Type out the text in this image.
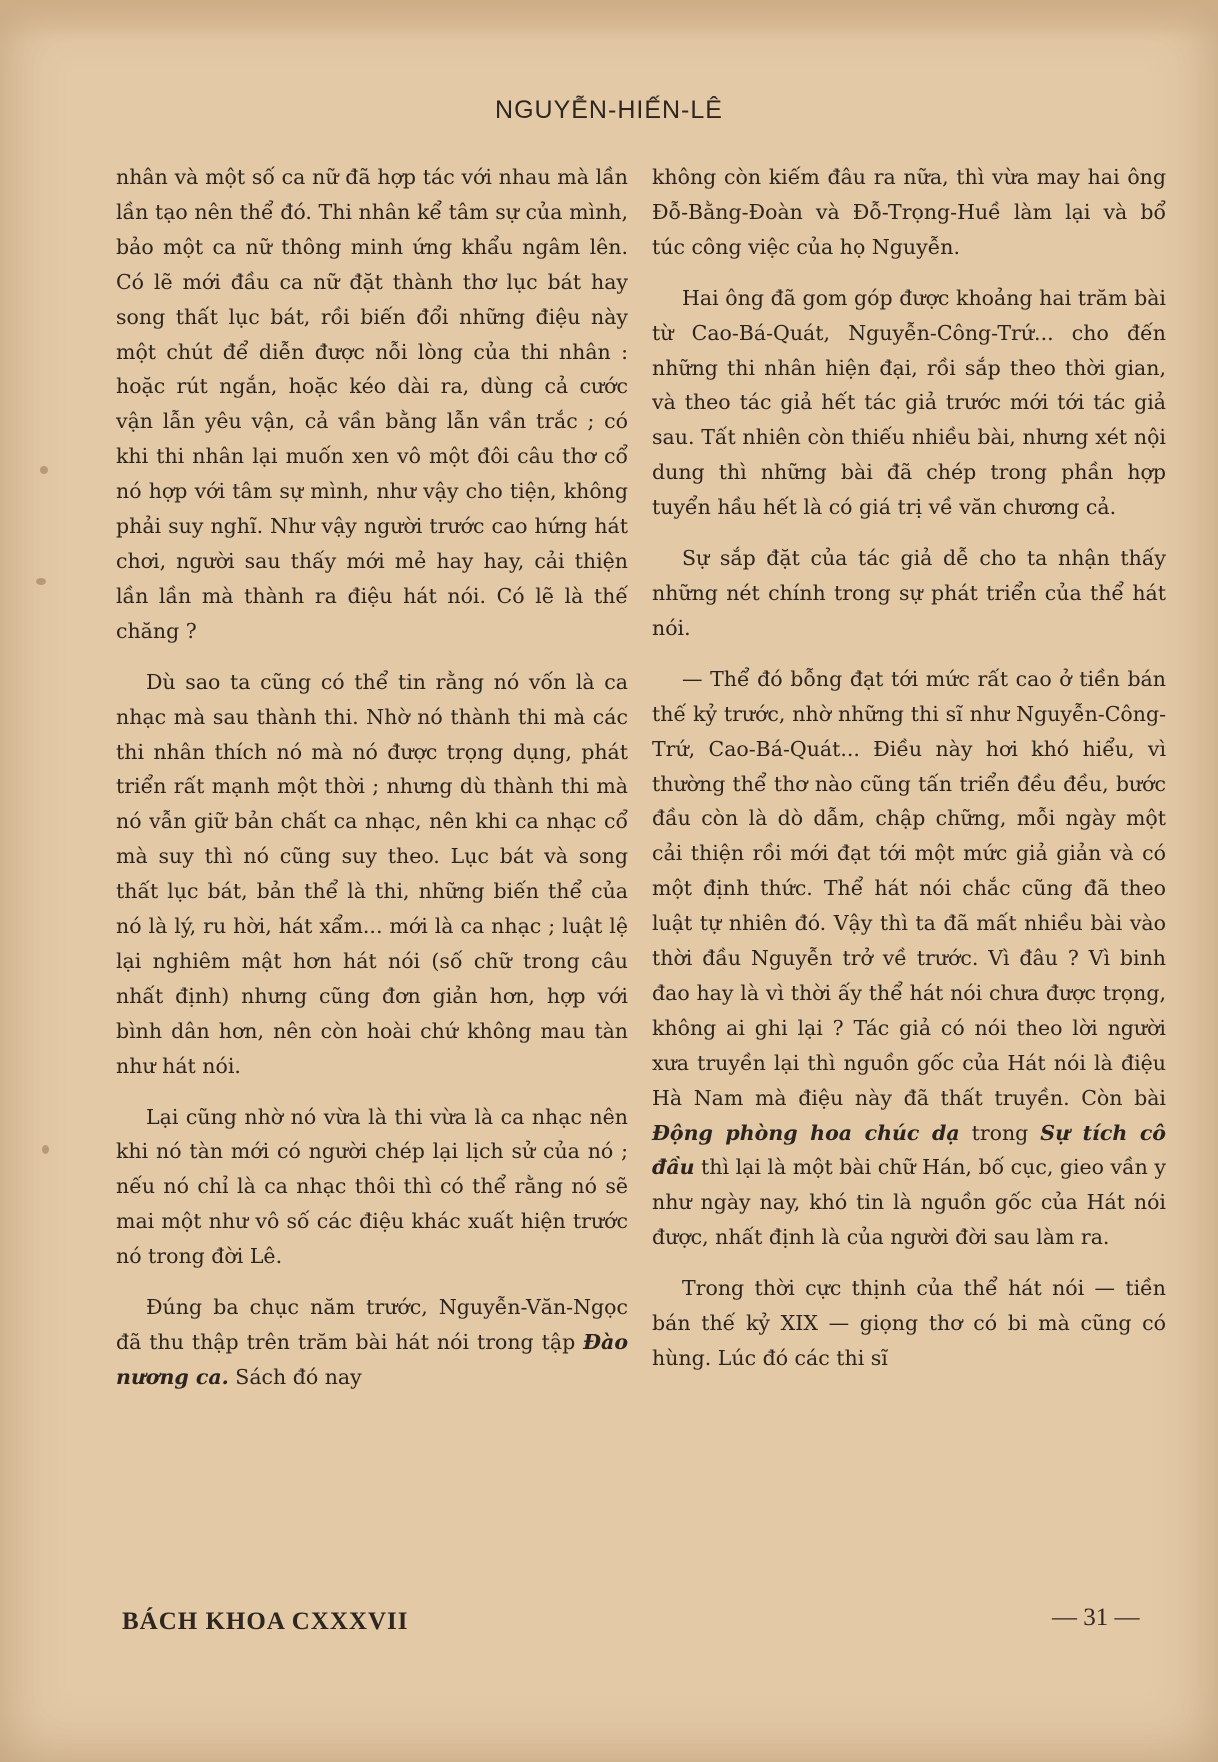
NGUYỄN-HIẾN-LÊ

nhân và một số ca nữ đã hợp tác với nhau mà lần lần tạo nên thể đó. Thi nhân kể tâm sự của mình, bảo một ca nữ thông minh ứng khẩu ngâm lên. Có lẽ mới đầu ca nữ đặt thành thơ lục bát hay song thất lục bát, rồi biến đổi những điệu này một chút để diễn được nỗi lòng của thi nhân : hoặc rút ngắn, hoặc kéo dài ra, dùng cả cước vận lẫn yêu vận, cả vần bằng lẫn vần trắc ; có khi thi nhân lại muốn xen vô một đôi câu thơ cổ nó hợp với tâm sự mình, như vậy cho tiện, không phải suy nghĩ. Như vậy người trước cao hứng hát chơi, người sau thấy mới mẻ hay hay, cải thiện lần lần mà thành ra điệu hát nói. Có lẽ là thế chăng ?

Dù sao ta cũng có thể tin rằng nó vốn là ca nhạc mà sau thành thi. Nhờ nó thành thi mà các thi nhân thích nó mà nó được trọng dụng, phát triển rất mạnh một thời ; nhưng dù thành thi mà nó vẫn giữ bản chất ca nhạc, nên khi ca nhạc cổ mà suy thì nó cũng suy theo. Lục bát và song thất lục bát, bản thể là thi, những biến thể của nó là lý, ru hời, hát xẩm... mới là ca nhạc ; luật lệ lại nghiêm mật hơn hát nói (số chữ trong câu nhất định) nhưng cũng đơn giản hơn, hợp với bình dân hơn, nên còn hoài chứ không mau tàn như hát nói.

Lại cũng nhờ nó vừa là thi vừa là ca nhạc nên khi nó tàn mới có người chép lại lịch sử của nó ; nếu nó chỉ là ca nhạc thôi thì có thể rằng nó sẽ mai một như vô số các điệu khác xuất hiện trước nó trong đời Lê.

Đúng ba chục năm trước, Nguyễn-Văn-Ngọc đã thu thập trên trăm bài hát nói trong tập Đào nương ca. Sách đó nay

không còn kiếm đâu ra nữa, thì vừa may hai ông Đỗ-Bằng-Đoàn và Đỗ-Trọng-Huề làm lại và bổ túc công việc của họ Nguyễn.

Hai ông đã gom góp được khoảng hai trăm bài từ Cao-Bá-Quát, Nguyễn-Công-Trứ... cho đến những thi nhân hiện đại, rồi sắp theo thời gian, và theo tác giả hết tác giả trước mới tới tác giả sau. Tất nhiên còn thiếu nhiều bài, nhưng xét nội dung thì những bài đã chép trong phần hợp tuyển hầu hết là có giá trị về văn chương cả.

Sự sắp đặt của tác giả dễ cho ta nhận thấy những nét chính trong sự phát triển của thể hát nói.

— Thể đó bỗng đạt tới mức rất cao ở tiền bán thế kỷ trước, nhờ những thi sĩ như Nguyễn-Công-Trứ, Cao-Bá-Quát... Điều này hơi khó hiểu, vì thường thể thơ nào cũng tấn triển đều đều, bước đầu còn là dò dẫm, chập chững, mỗi ngày một cải thiện rồi mới đạt tới một mức giả giản và có một định thức. Thể hát nói chắc cũng đã theo luật tự nhiên đó. Vậy thì ta đã mất nhiều bài vào thời đầu Nguyễn trở về trước. Vì đâu ? Vì binh đao hay là vì thời ấy thể hát nói chưa được trọng, không ai ghi lại ? Tác giả có nói theo lời người xưa truyền lại thì nguồn gốc của Hát nói là điệu Hà Nam mà điệu này đã thất truyền. Còn bài Động phòng hoa chúc dạ trong Sự tích cô đầu thì lại là một bài chữ Hán, bố cục, gieo vần y như ngày nay, khó tin là nguồn gốc của Hát nói được, nhất định là của người đời sau làm ra.

Trong thời cực thịnh của thể hát nói — tiền bán thế kỷ XIX — giọng thơ có bi mà cũng có hùng. Lúc đó các thi sĩ

BÁCH KHOA CXXXVII	— 31 —
